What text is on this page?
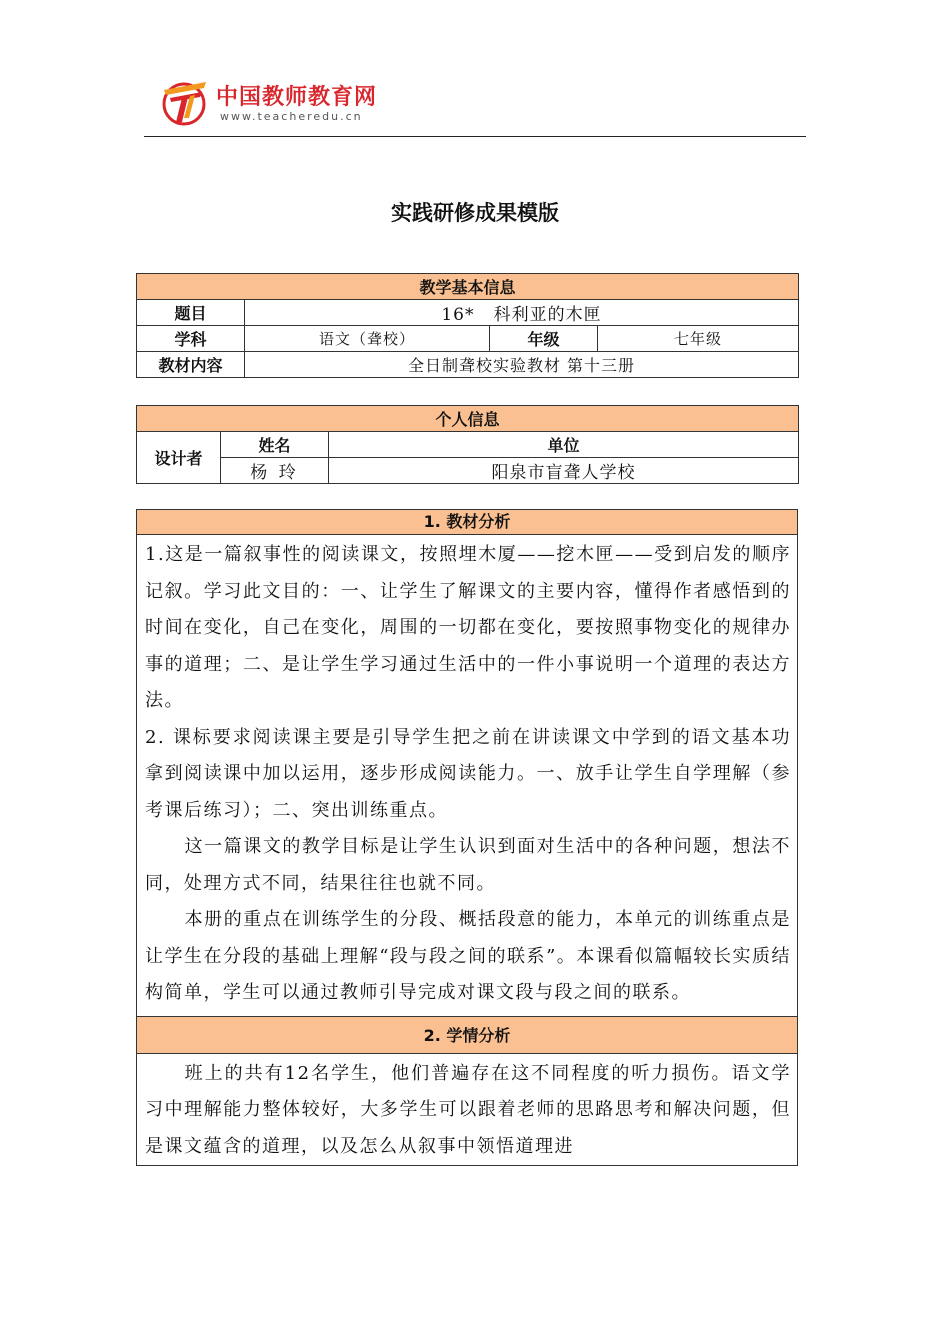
中国教师教育网
www.teacheredu.cn
实践研修成果模版
教学基本信息			
题目	16*   科利亚的木匣		
学科	语文（聋校）	年级	七年级
教材内容	全日制聋校实验教材 第十三册		
个人信息		
设计者	姓名	单位
	杨 玲	阳泉市盲聋人学校
1. 教材分析

1.这是一篇叙事性的阅读课文，按照埋木厦——挖木匣——受到启发的顺序记叙。学习此文目的：一、让学生了解课文的主要内容，懂得作者感悟到的时间在变化，自己在变化，周围的一切都在变化，要按照事物变化的规律办事的道理；二、是让学生学习通过生活中的一件小事说明一个道理的表达方法。

2. 课标要求阅读课主要是引导学生把之前在讲读课文中学到的语文基本功拿到阅读课中加以运用，逐步形成阅读能力。一、放手让学生自学理解（参考课后练习）；二、突出训练重点。

这一篇课文的教学目标是让学生认识到面对生活中的各种问题，想法不同，处理方式不同，结果往往也就不同。

本册的重点在训练学生的分段、概括段意的能力，本单元的训练重点是让学生在分段的基础上理解“段与段之间的联系”。本课看似篇幅较长实质结构简单，学生可以通过教师引导完成对课文段与段之间的联系。

2. 学情分析

班上的共有12名学生，他们普遍存在这不同程度的听力损伤。语文学习中理解能力整体较好，大多学生可以跟着老师的思路思考和解决问题，但是课文蕴含的道理，以及怎么从叙事中领悟道理进
